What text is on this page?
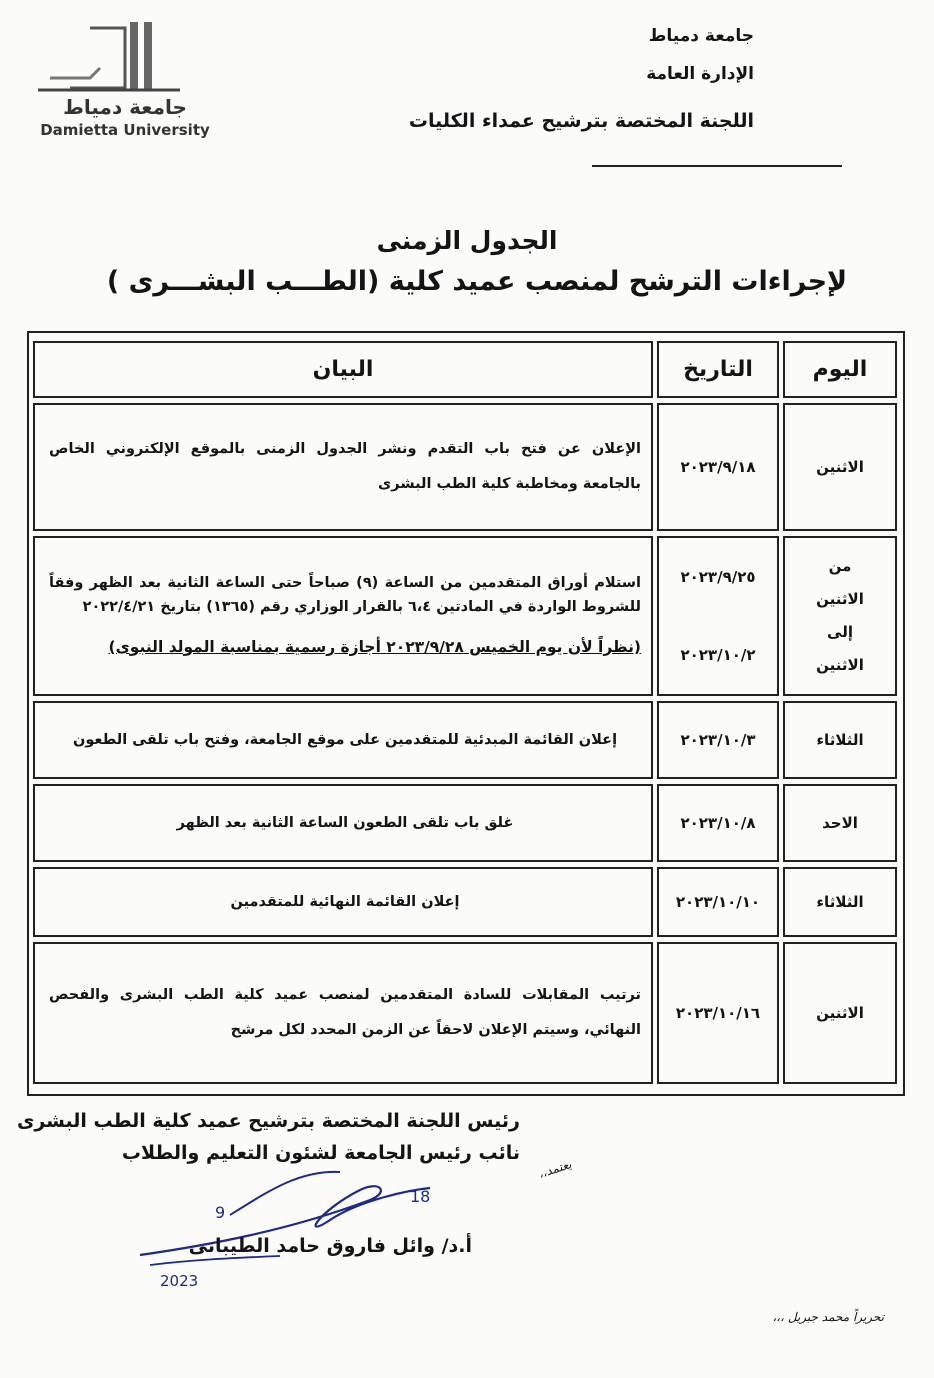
جامعة دمياط
الإدارة العامة
اللجنة المختصة بترشيح عمداء الكليات
جامعة دمياط
Damietta University
الجدول الزمنى
لإجراءات الترشح لمنصب عميد كلية (الطـــب البشـــرى )
اليوم
التاريخ
البيان
الاثنين
٢٠٢٣/٩/١٨
الإعلان عن فتح باب التقدم ونشر الجدول الزمنى بالموقع الإلكتروني الخاص بالجامعة ومخاطبة كلية الطب البشرى
من
الاثنين
إلى
الاثنين
٢٠٢٣/٩/٢٥
٢٠٢٣/١٠/٢
استلام أوراق المتقدمين من الساعة (٩) صباحاً حتى الساعة الثانية بعد الظهر وفقاً للشروط الواردة في المادتين ٦،٤ بالقرار الوزاري رقم (١٣٦٥) بتاريخ ٢٠٢٢/٤/٢١
(نظراً لأن يوم الخميس ٢٠٢٣/٩/٢٨ أجازة رسمية بمناسبة المولد النبوى)
الثلاثاء
٢٠٢٣/١٠/٣
إعلان القائمة المبدئية للمتقدمين على موقع الجامعة، وفتح باب تلقى الطعون
الاحد
٢٠٢٣/١٠/٨
غلق باب تلقى الطعون الساعة الثانية بعد الظهر
الثلاثاء
٢٠٢٣/١٠/١٠
إعلان القائمة النهائية للمتقدمين
الاثنين
٢٠٢٣/١٠/١٦
ترتيب المقابلات للسادة المتقدمين لمنصب عميد كلية الطب البشرى والفحص النهائي، وسيتم الإعلان لاحقاً عن الزمن المحدد لكل مرشح
رئيس اللجنة المختصة بترشيح عميد كلية الطب البشرى
نائب رئيس الجامعة لشئون التعليم والطلاب
يعتمد،،
9
18
2023
أ.د/ وائل فاروق حامد الطيبانى
تحريراً محمد جبريل ،،،
